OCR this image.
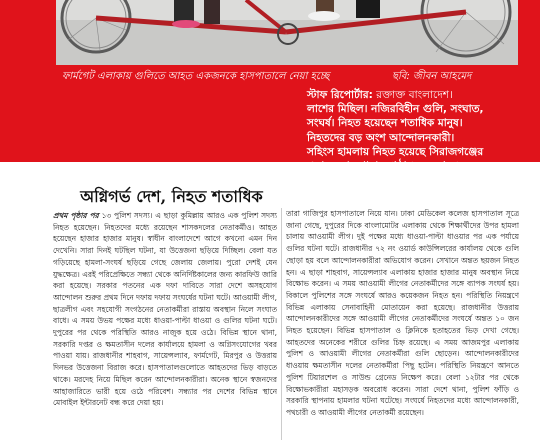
ফার্মগেট এলাকায় গুলিতে আহত একজনকে হাসপাতালে নেয়া হচ্ছে	ছবি: জীবন আহমেদ
স্টাফ রিপোর্টার: রক্তাক্ত বাংলাদেশ।
লাশের মিছিল। নজিরবিহীন গুলি, সংঘাত,
সংঘর্ষ। নিহত হয়েছেন শতাধিক মানুষ।
নিহতদের বড় অংশ আন্দোলনকারী।
সহিংস হামলায় নিহত হয়েছে সিরাজগঞ্জের
এনায়েতপুর থানার পৃষ্ঠা ১৭ কলাম ১
অগ্নিগর্ভ দেশ, নিহত শতাধিক
প্রথম পৃষ্ঠার পর ১৩ পুলিশ সদস্য। এ ছাড়া কুমিল্লায় আরও এক পুলিশ সদস্য নিহত হয়েছেন। নিহতদের মধ্যে রয়েছেন শাসকদলের নেতাকর্মীও। আহত হয়েছেন হাজার হাজার মানুষ। স্বাধীন বাংলাদেশে আগে কখনো এমন দিন দেখেনি। সারা দিনই ঘটছিল ঘটনা, যা উত্তেজনা ছড়িয়ে দিচ্ছিল। বেলা যত গড়িয়েছে হামলা-সংঘর্ষ ছড়িয়ে গেছে জেলায় জেলায়। পুরো দেশই যেন যুদ্ধক্ষেত্র। এরই পরিপ্রেক্ষিতে সন্ধ্যা থেকে অনির্দিষ্টকালের জন্য কারফিউ জারি করা হয়েছে। সরকার পতনের এক দফা দাবিতে সারা দেশে অসহযোগ আন্দোলন শুরুর প্রথম দিনে দফায় দফায় সংঘর্ষের ঘটনা ঘটে। আওয়ামী লীগ, ছাত্রলীগ এবং সহযোগী সংগঠনের নেতাকর্মীরা রাস্তায় অবস্থান নিলে সংঘাত বাধে। এ সময় উভয় পক্ষের মধ্যে ধাওয়া-পাল্টা ধাওয়া ও গুলির ঘটনা ঘটে। দুপুরের পর থেকে পরিস্থিতি আরও নাজুক হয়ে ওঠে। বিভিন্ন স্থানে থানা, সরকারি দপ্তর ও ক্ষমতাসীন দলের কার্যালয়ে হামলা ও অগ্নিসংযোগের খবর পাওয়া যায়। রাজধানীর শাহবাগ, সায়েন্সল্যাব, ফার্মগেট, মিরপুর ও উত্তরায় দিনভর উত্তেজনা বিরাজ করে। হাসপাতালগুলোতে আহতদের ভিড় বাড়তে থাকে। মরদেহ নিয়ে মিছিল করেন আন্দোলনকারীরা। অনেক স্থানে স্বজনদের আহাজারিতে ভারী হয়ে ওঠে পরিবেশ। সন্ধ্যার পর দেশের বিভিন্ন স্থানে মোবাইল ইন্টারনেট বন্ধ করে দেয়া হয়।
তারা গাজিপুর হাসপাতালে নিয়ে যান। ঢাকা মেডিকেল কলেজ হাসপাতাল সূত্রে জানা গেছে, দুপুরের দিকে বাংলামোটর এলাকায় থেকে শিক্ষার্থীদের উপর হামলা চালায় আওয়ামী লীগ। দুই পক্ষের মধ্যে ধাওয়া-পাল্টা ধাওয়ার পর এক পর্যায়ে গুলির ঘটনা ঘটে। রাজধানীর ৭২ নং ওয়ার্ড কাউন্সিলরের কার্যালয় থেকে গুলি ছোড়া হয় বলে আন্দোলনকারীরা অভিযোগ করেন। সেখানে অন্তত ছয়জন নিহত হন। এ ছাড়া শাহবাগ, সায়েন্সল্যাব এলাকায় হাজার হাজার মানুষ অবস্থান নিয়ে বিক্ষোভ করেন। এ সময় আওয়ামী লীগের নেতাকর্মীদের সঙ্গে ব্যাপক সংঘর্ষ হয়। বিকালে পুলিশের সঙ্গে সংঘর্ষে আরও কয়েকজন নিহত হন। পরিস্থিতি নিয়ন্ত্রণে বিভিন্ন এলাকায় সেনাবাহিনী মোতায়েন করা হয়েছে। রাজধানীর উত্তরায় আন্দোলনকারীদের সঙ্গে আওয়ামী লীগের নেতাকর্মীদের সংঘর্ষে অন্তত ১০ জন নিহত হয়েছেন। বিভিন্ন হাসপাতাল ও ক্লিনিকে হতাহতের ভিড় দেখা গেছে। আহতদের অনেকের শরীরে গুলির চিহ্ন রয়েছে। এ সময় আজমপুর এলাকায় পুলিশ ও আওয়ামী লীগের নেতাকর্মীরা গুলি ছোড়েন। আন্দোলনকারীদের ধাওয়ায় ক্ষমতাসীন দলের নেতাকর্মীরা পিছু হটেন। পরিস্থিতি নিয়ন্ত্রণে আনতে পুলিশ টিয়ারশেল ও সাউন্ড গ্রেনেড নিক্ষেপ করে। বেলা ১২টার পর থেকে বিক্ষোভকারীরা মহাসড়ক অবরোধ করেন। সারা দেশে থানা, পুলিশ ফাঁড়ি ও সরকারি স্থাপনায় হামলার ঘটনা ঘটেছে। সংঘর্ষে নিহতদের মধ্যে আন্দোলনকারী, পথচারী ও আওয়ামী লীগের নেতাকর্মী রয়েছেন।
